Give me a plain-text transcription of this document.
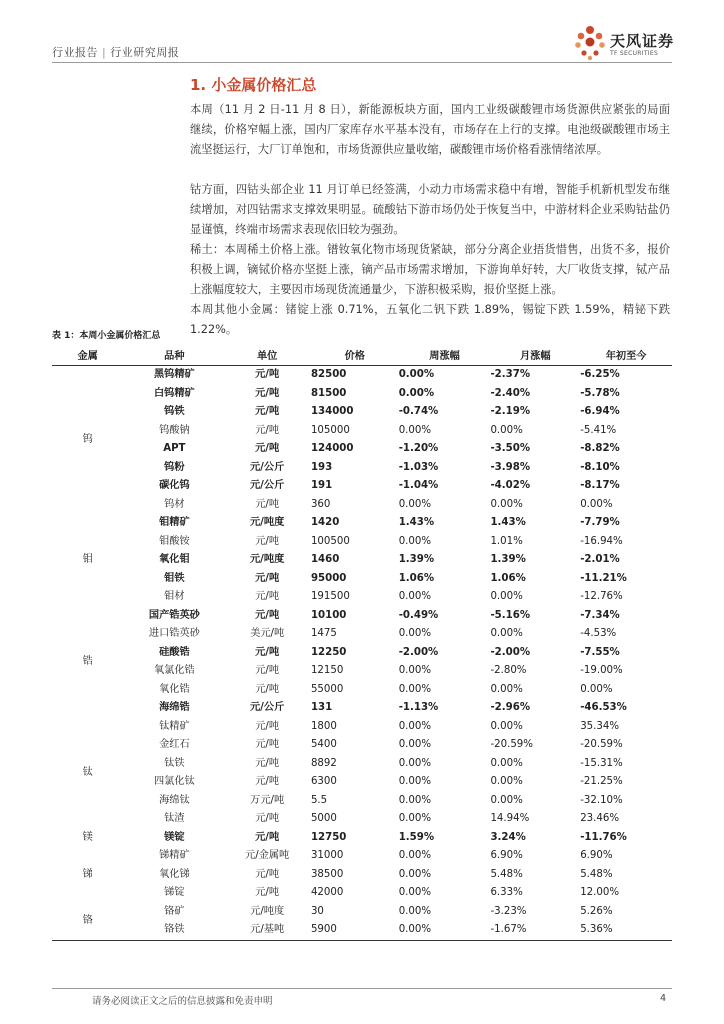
行业报告 | 行业研究周报
天风证券
TF SECURITIES
1. 小金属价格汇总
本周（11 月 2 日-11 月 8 日），新能源板块方面，国内工业级碳酸锂市场货源供应紧张的局面继续，价格窄幅上涨，国内厂家库存水平基本没有，市场存在上行的支撑。电池级碳酸锂市场主流坚挺运行，大厂订单饱和，市场货源供应量收缩，碳酸锂市场价格看涨情绪浓厚。
钴方面，四钴头部企业 11 月订单已经签满，小动力市场需求稳中有增，智能手机新机型发布继续增加，对四钴需求支撑效果明显。硫酸钴下游市场仍处于恢复当中，中游材料企业采购钴盐仍显谨慎，终端市场需求表现依旧较为强劲。
稀土：本周稀土价格上涨。镨钕氧化物市场现货紧缺，部分分离企业捂货惜售，出货不多，报价积极上调，镝铽价格亦坚挺上涨，镝产品市场需求增加，下游询单好转，大厂收货支撑，铽产品上涨幅度较大，主要因市场现货流通量少，下游积极采购，报价坚挺上涨。
本周其他小金属：锗锭上涨 0.71%，五氧化二钒下跌 1.89%，锡锭下跌 1.59%，精铋下跌 1.22%。
表 1：本周小金属价格汇总
金属	品种	单位	价格	周涨幅	月涨幅	年初至今
钨	黑钨精矿	元/吨	82500	0.00%	-2.37%	-6.25%
	白钨精矿	元/吨	81500	0.00%	-2.40%	-5.78%
	钨铁	元/吨	134000	-0.74%	-2.19%	-6.94%
	钨酸钠	元/吨	105000	0.00%	0.00%	-5.41%
	APT	元/吨	124000	-1.20%	-3.50%	-8.82%
	钨粉	元/公斤	193	-1.03%	-3.98%	-8.10%
	碳化钨	元/公斤	191	-1.04%	-4.02%	-8.17%
	钨材	元/吨	360	0.00%	0.00%	0.00%
钼	钼精矿	元/吨度	1420	1.43%	1.43%	-7.79%
	钼酸铵	元/吨	100500	0.00%	1.01%	-16.94%
	氧化钼	元/吨度	1460	1.39%	1.39%	-2.01%
	钼铁	元/吨	95000	1.06%	1.06%	-11.21%
	钼材	元/吨	191500	0.00%	0.00%	-12.76%
锆	国产锆英砂	元/吨	10100	-0.49%	-5.16%	-7.34%
	进口锆英砂	美元/吨	1475	0.00%	0.00%	-4.53%
	硅酸锆	元/吨	12250	-2.00%	-2.00%	-7.55%
	氧氯化锆	元/吨	12150	0.00%	-2.80%	-19.00%
	氧化锆	元/吨	55000	0.00%	0.00%	0.00%
	海绵锆	元/公斤	131	-1.13%	-2.96%	-46.53%
钛	钛精矿	元/吨	1800	0.00%	0.00%	35.34%
	金红石	元/吨	5400	0.00%	-20.59%	-20.59%
	钛铁	元/吨	8892	0.00%	0.00%	-15.31%
	四氯化钛	元/吨	6300	0.00%	0.00%	-21.25%
	海绵钛	万元/吨	5.5	0.00%	0.00%	-32.10%
	钛渣	元/吨	5000	0.00%	14.94%	23.46%
镁	镁锭	元/吨	12750	1.59%	3.24%	-11.76%
锑	锑精矿	元/金属吨	31000	0.00%	6.90%	6.90%
	氧化锑	元/吨	38500	0.00%	5.48%	5.48%
	锑锭	元/吨	42000	0.00%	6.33%	12.00%
铬	铬矿	元/吨度	30	0.00%	-3.23%	5.26%
	铬铁	元/基吨	5900	0.00%	-1.67%	5.36%
请务必阅读正文之后的信息披露和免责申明	4
